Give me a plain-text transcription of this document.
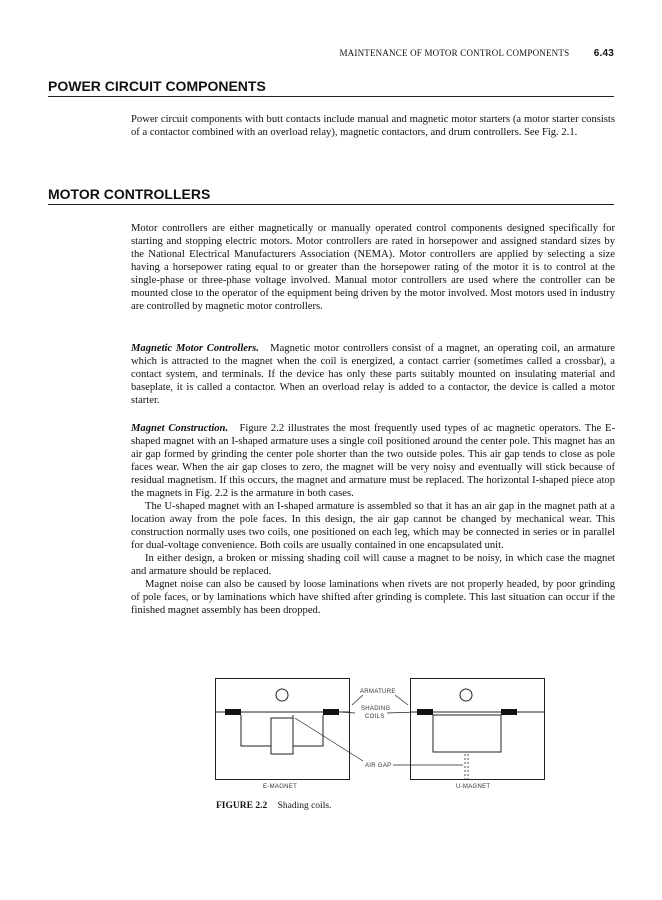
MAINTENANCE OF MOTOR CONTROL COMPONENTS 6.43
POWER CIRCUIT COMPONENTS

Power circuit components with butt contacts include manual and magnetic motor starters (a motor starter consists of a contactor combined with an overload relay), magnetic contactors, and drum controllers. See Fig. 2.1.

MOTOR CONTROLLERS

Motor controllers are either magnetically or manually operated control components designed specifically for starting and stopping electric motors. Motor controllers are rated in horsepower and assigned standard sizes by the National Electrical Manufacturers Association (NEMA). Motor controllers are applied by selecting a size having a horsepower rating equal to or greater than the horsepower rating of the motor it is to control at the single-phase or three-phase voltage involved. Manual motor controllers are used where the controller can be mounted close to the operator of the equipment being driven by the motor involved. Most motors used in industry are controlled by magnetic motor controllers.

Magnetic Motor Controllers. Magnetic motor controllers consist of a magnet, an operating coil, an armature which is attracted to the magnet when the coil is energized, a contact carrier (sometimes called a crossbar), a contact system, and terminals. If the device has only these parts suitably mounted on insulating material and baseplate, it is called a contactor. When an overload relay is added to a contactor, the device is called a motor starter.

Magnet Construction. Figure 2.2 illustrates the most frequently used types of ac magnetic operators. The E-shaped magnet with an I-shaped armature uses a single coil positioned around the center pole. This magnet has an air gap formed by grinding the center pole shorter than the two outside poles. This air gap tends to close as pole faces wear. When the air gap closes to zero, the magnet will be very noisy and eventually will stick because of residual magnetism. If this occurs, the magnet and armature must be replaced. The horizontal I-shaped piece atop the magnets in Fig. 2.2 is the armature in both cases.

The U-shaped magnet with an I-shaped armature is assembled so that it has an air gap in the magnet path at a location away from the pole faces. In this design, the air gap cannot be changed by mechanical wear. This construction normally uses two coils, one positioned on each leg, which may be connected in series or in parallel for dual-voltage convenience. Both coils are usually contained in one encapsulated unit.

In either design, a broken or missing shading coil will cause a magnet to be noisy, in which case the magnet and armature should be replaced.

Magnet noise can also be caused by loose laminations when rivets are not properly headed, by poor grinding of pole faces, or by laminations which have shifted after grinding is complete. This last situation can occur if the finished magnet assembly has been dropped.

ARMATURE
SHADING
COILS
AIR GAP
E-MAGNET	U-MAGNET
FIGURE 2.2 Shading coils.
